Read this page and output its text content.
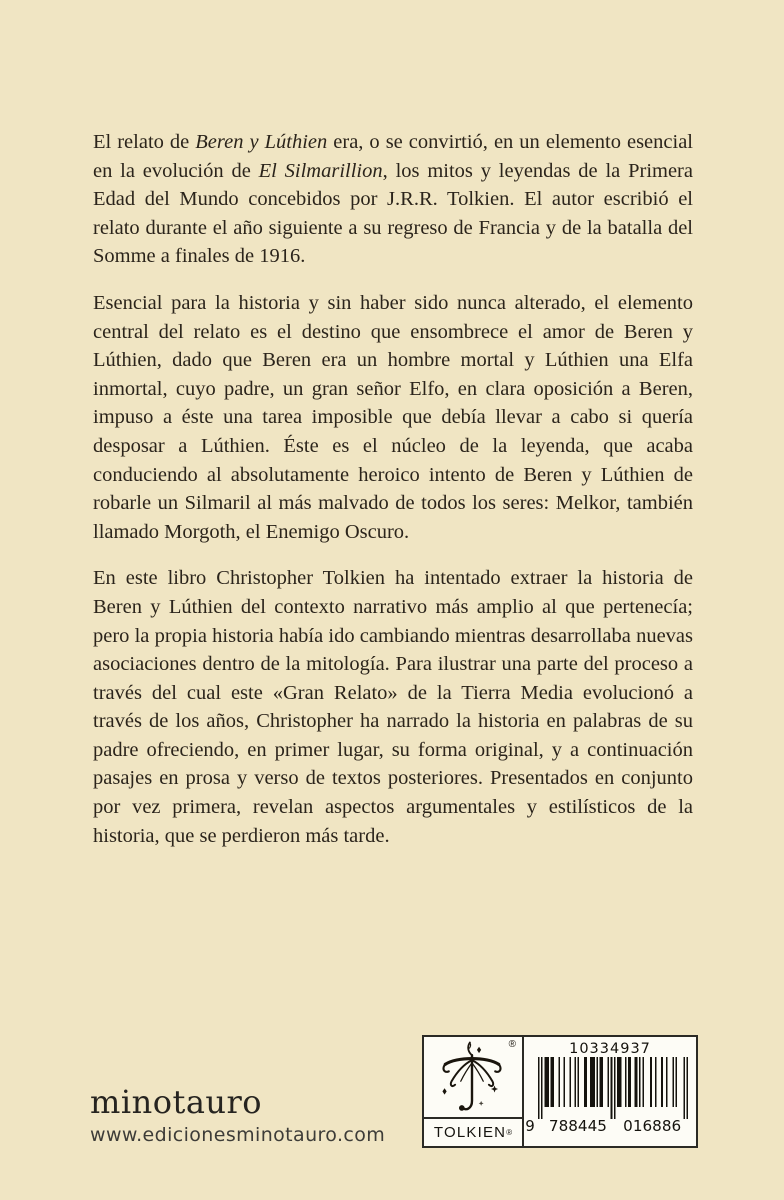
El relato de Beren y Lúthien era, o se convirtió, en un elemento esencial en la evolución de El Silmarillion, los mitos y leyendas de la Primera Edad del Mundo concebidos por J.R.R. Tolkien. El autor escribió el relato durante el año siguiente a su regreso de Francia y de la batalla del Somme a finales de 1916.

Esencial para la historia y sin haber sido nunca alterado, el elemento central del relato es el destino que ensombrece el amor de Beren y Lúthien, dado que Beren era un hombre mortal y Lúthien una Elfa inmortal, cuyo padre, un gran señor Elfo, en clara oposición a Beren, impuso a éste una tarea imposible que debía llevar a cabo si quería desposar a Lúthien. Éste es el núcleo de la leyenda, que acaba conduciendo al absolutamente heroico intento de Beren y Lúthien de robarle un Silmaril al más malvado de todos los seres: Melkor, también llamado Morgoth, el Enemigo Oscuro.

En este libro Christopher Tolkien ha intentado extraer la historia de Beren y Lúthien del contexto narrativo más amplio al que pertenecía; pero la propia historia había ido cambiando mientras desarrollaba nuevas asociaciones dentro de la mitología. Para ilustrar una parte del proceso a través del cual este «Gran Relato» de la Tierra Media evolucionó a través de los años, Christopher ha narrado la historia en palabras de su padre ofreciendo, en primer lugar, su forma original, y a continuación pasajes en prosa y verso de textos posteriores. Presentados en conjunto por vez primera, revelan aspectos argumentales y estilísticos de la historia, que se perdieron más tarde.

minotauro
www.edicionesminotauro.com
®
TOLKIEN ®
10334937
9 788445 016886
